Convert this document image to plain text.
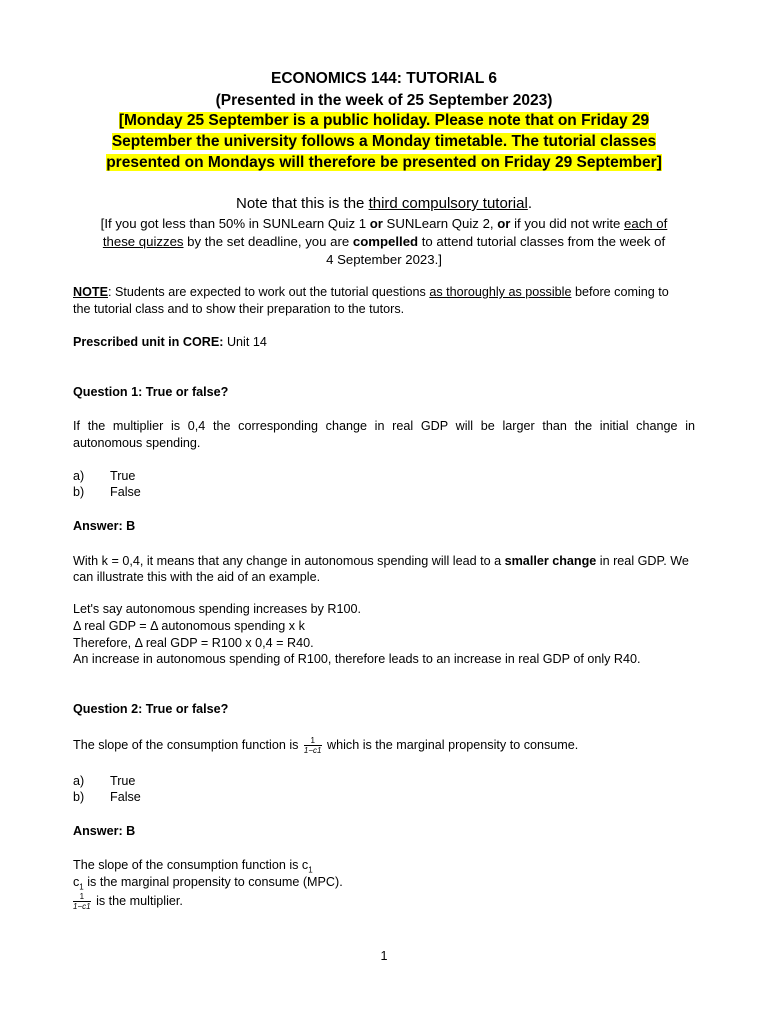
ECONOMICS 144: TUTORIAL 6
(Presented in the week of 25 September 2023)
[Monday 25 September is a public holiday. Please note that on Friday 29
September the university follows a Monday timetable. The tutorial classes
presented on Mondays will therefore be presented on Friday 29 September]
Note that this is the third compulsory tutorial.
[If you got less than 50% in SUNLearn Quiz 1 or SUNLearn Quiz 2, or if you did not write each of
these quizzes by the set deadline, you are compelled to attend tutorial classes from the week of
4 September 2023.]
NOTE: Students are expected to work out the tutorial questions as thoroughly as possible before coming to
the tutorial class and to show their preparation to the tutors.
Prescribed unit in CORE: Unit 14
Question 1: True or false?
If the multiplier is 0,4 the corresponding change in real GDP will be larger than the initial change in
autonomous spending.
a) True
b) False
Answer: B
With k = 0,4, it means that any change in autonomous spending will lead to a smaller change in real GDP. We
can illustrate this with the aid of an example.
Let's say autonomous spending increases by R100.
Δ real GDP = Δ autonomous spending x k
Therefore, Δ real GDP = R100 x 0,4 = R40.
An increase in autonomous spending of R100, therefore leads to an increase in real GDP of only R40.
Question 2: True or false?
The slope of the consumption function is $\frac{1}{1-c1}$ which is the marginal propensity to consume.
a) True
b) False
Answer: B
The slope of the consumption function is $c_1$
$c_1$ is the marginal propensity to consume (MPC).
$\frac{1}{1-c1}$ is the multiplier.
1
